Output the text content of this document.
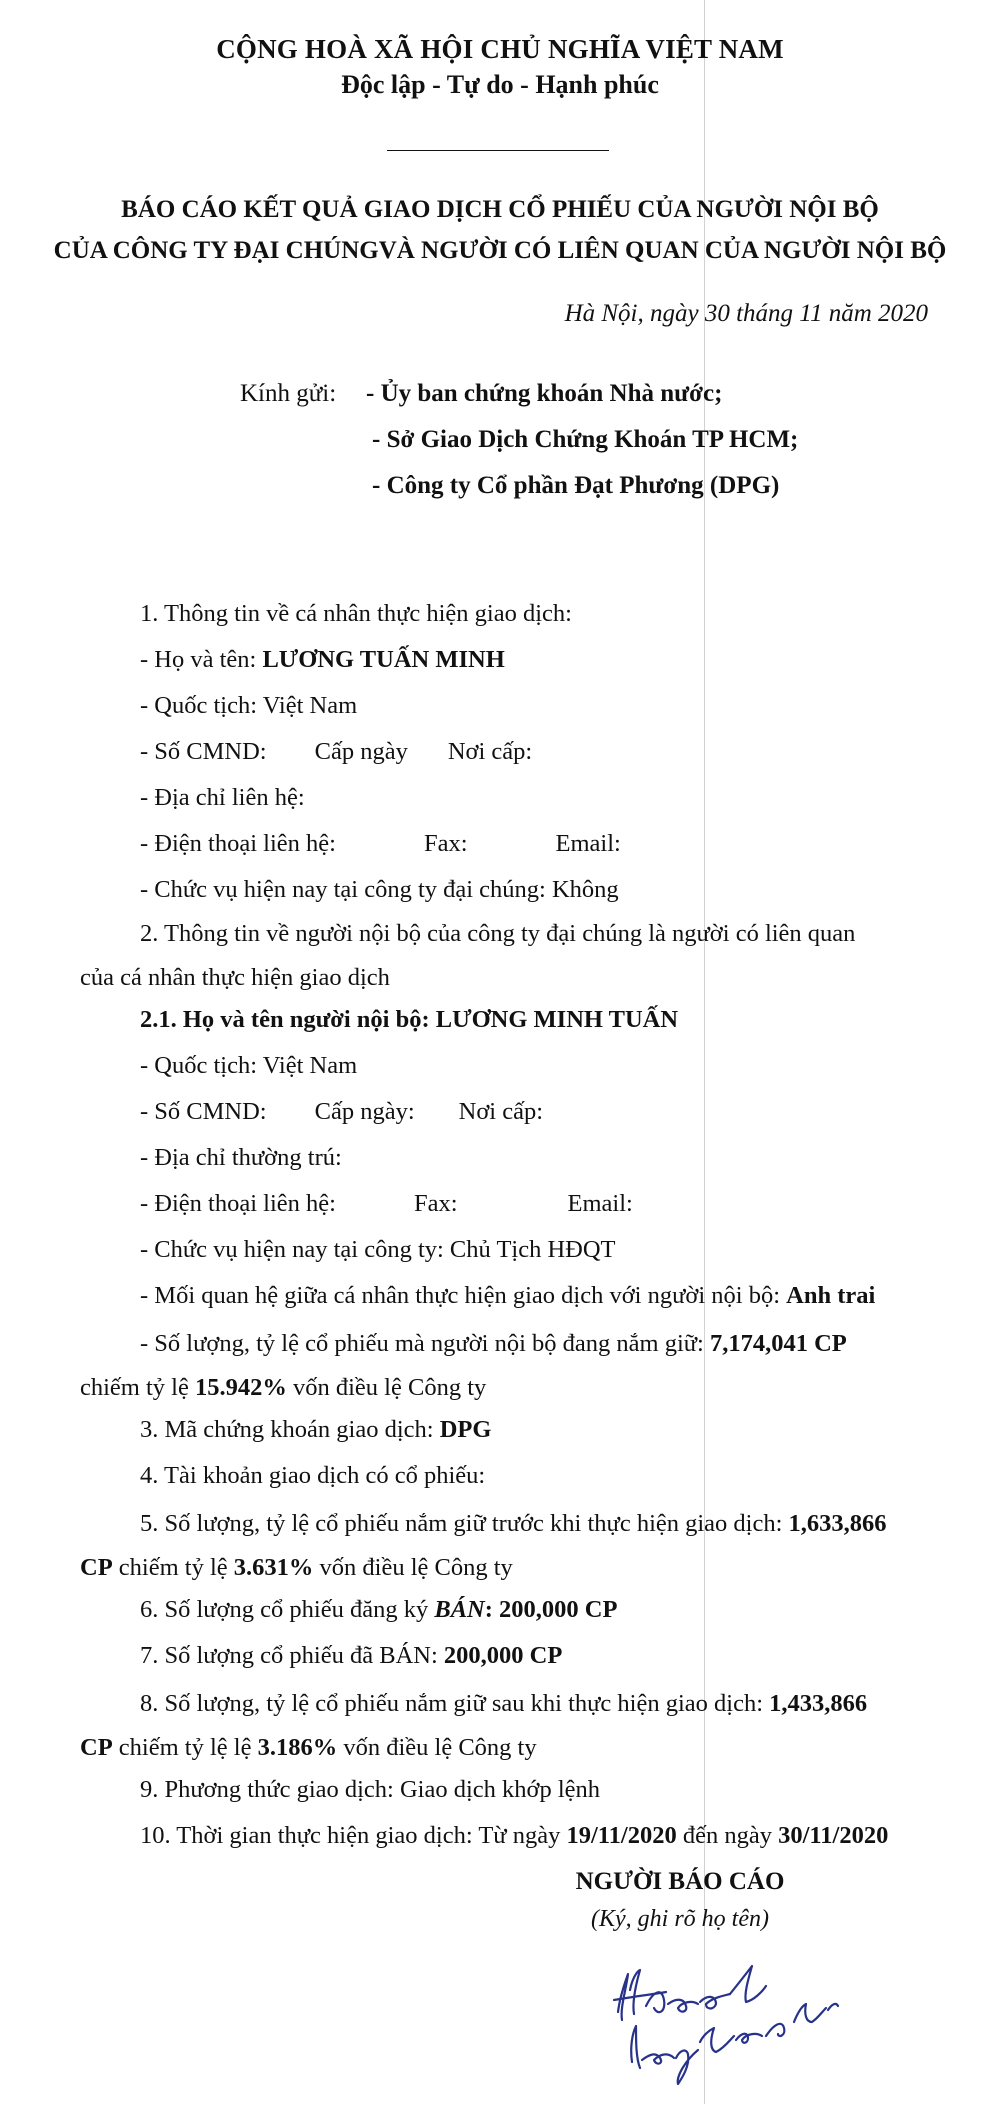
CỘNG HOÀ XÃ HỘI CHỦ NGHĨA VIỆT NAM
Độc lập - Tự do - Hạnh phúc
BÁO CÁO KẾT QUẢ GIAO DỊCH CỔ PHIẾU CỦA NGƯỜI NỘI BỘ
CỦA CÔNG TY ĐẠI CHÚNGVÀ NGƯỜI CÓ LIÊN QUAN CỦA NGƯỜI NỘI BỘ
Hà Nội, ngày 30 tháng 11 năm 2020
Kính gửi: - Ủy ban chứng khoán Nhà nước;
- Sở Giao Dịch Chứng Khoán TP HCM;
- Công ty Cổ phần Đạt Phương (DPG)
1. Thông tin về cá nhân thực hiện giao dịch:
- Họ và tên: LƯƠNG TUẤN MINH
- Quốc tịch: Việt Nam
- Số CMND: Cấp ngày Nơi cấp:
- Địa chỉ liên hệ:
- Điện thoại liên hệ:	Fax:	Email:
- Chức vụ hiện nay tại công ty đại chúng: Không
2. Thông tin về người nội bộ của công ty đại chúng là người có liên quan
của cá nhân thực hiện giao dịch
2.1. Họ và tên người nội bộ: LƯƠNG MINH TUẤN
- Quốc tịch: Việt Nam
- Số CMND: Cấp ngày: Nơi cấp:
- Địa chỉ thường trú:
- Điện thoại liên hệ:	Fax:	Email:
- Chức vụ hiện nay tại công ty: Chủ Tịch HĐQT
- Mối quan hệ giữa cá nhân thực hiện giao dịch với người nội bộ: Anh trai
- Số lượng, tỷ lệ cổ phiếu mà người nội bộ đang nắm giữ: 7,174,041 CP
chiếm tỷ lệ 15.942% vốn điều lệ Công ty
3. Mã chứng khoán giao dịch: DPG
4. Tài khoản giao dịch có cổ phiếu:
5. Số lượng, tỷ lệ cổ phiếu nắm giữ trước khi thực hiện giao dịch: 1,633,866
CP chiếm tỷ lệ 3.631% vốn điều lệ Công ty
6. Số lượng cổ phiếu đăng ký BÁN: 200,000 CP
7. Số lượng cổ phiếu đã BÁN: 200,000 CP
8. Số lượng, tỷ lệ cổ phiếu nắm giữ sau khi thực hiện giao dịch: 1,433,866
CP chiếm tỷ lệ lệ 3.186% vốn điều lệ Công ty
9. Phương thức giao dịch: Giao dịch khớp lệnh
10. Thời gian thực hiện giao dịch: Từ ngày 19/11/2020 đến ngày 30/11/2020
NGƯỜI BÁO CÁO
(Ký, ghi rõ họ tên)
